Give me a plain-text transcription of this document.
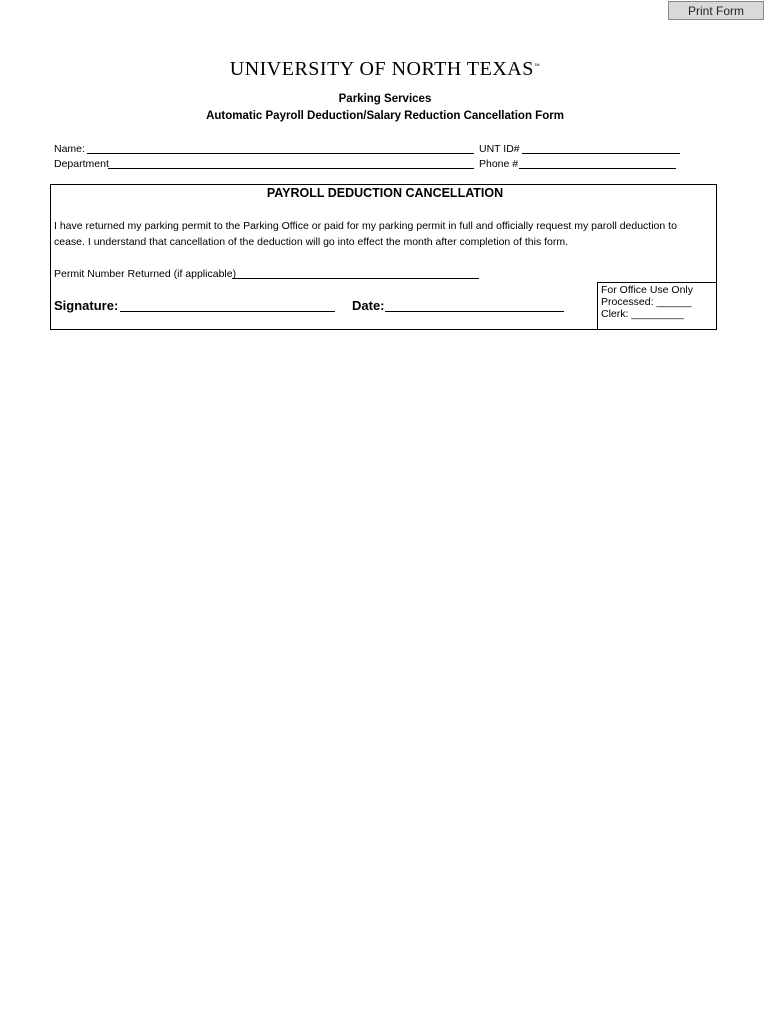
Print Form
UNIVERSITY OF NORTH TEXAS™
Parking Services
Automatic Payroll Deduction/Salary Reduction Cancellation Form
Name:	UNT ID#
Department	Phone #
PAYROLL DEDUCTION CANCELLATION
I have returned my parking permit to the Parking Office or paid for my parking permit in full and officially request my paroll deduction to
cease. I understand that cancellation of the deduction will go into effect the month after completion of this form.
Permit Number Returned (if applicable)
Signature:	Date:
For Office Use Only
Processed: ______
Clerk: _________
